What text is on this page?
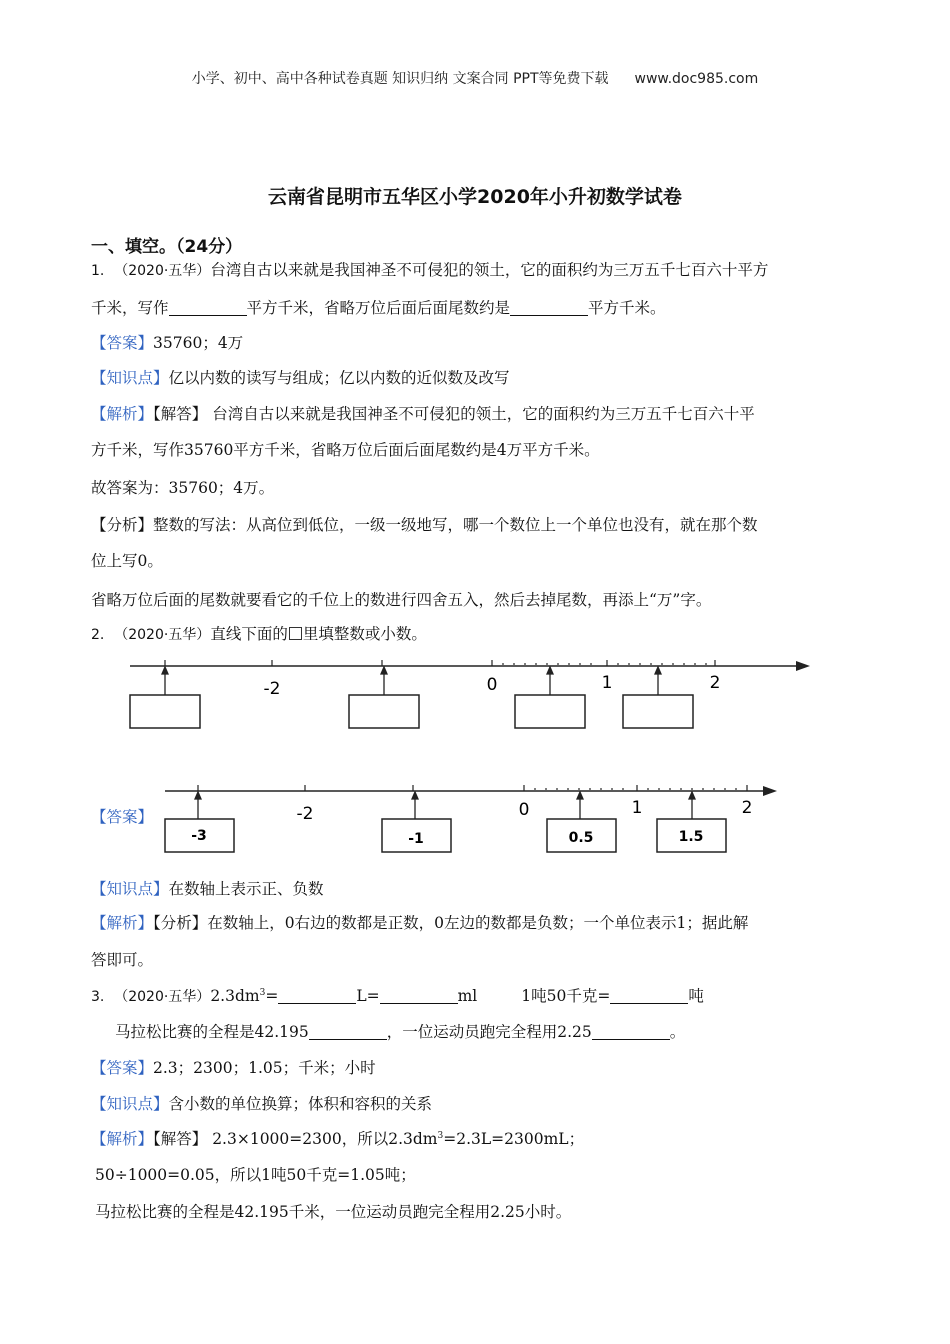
小学、初中、高中各种试卷真题 知识归纳 文案合同 PPT等免费下载 www.doc985.com
云南省昆明市五华区小学2020年小升初数学试卷
一、填空。（24分）
1. （2020·五华）台湾自古以来就是我国神圣不可侵犯的领土，它的面积约为三万五千七百六十平方
千米，写作	平方千米，省略万位后面后面尾数约是	平方千米。
【答案】35760；4万
【知识点】亿以内数的读写与组成；亿以内数的近似数及改写
【解析】【解答】 台湾自古以来就是我国神圣不可侵犯的领土，它的面积约为三万五千七百六十平
方千米，写作35760平方千米，省略万位后面后面尾数约是4万平方千米。
故答案为：35760；4万。
【分析】整数的写法：从高位到低位，一级一级地写，哪一个数位上一个单位也没有，就在那个数
位上写0。
省略万位后面的尾数就要看它的千位上的数进行四舍五入，然后去掉尾数，再添上“万”字。
2. （2020·五华）直线下面的 里填整数或小数。
-2	0	1	2
【答案】	-2	0	1	2
-3	-1	0.5	1.5
【知识点】在数轴上表示正、负数
【解析】【分析】在数轴上，0右边的数都是正数，0左边的数都是负数；一个单位表示1；据此解
答即可。
3. （2020·五华）$2.3dm^3=$	L=	ml	1吨50千克=	吨
马拉松比赛的全程是42.195	，一位运动员跑完全程用2.25	。
【答案】2.3；2300；1.05；千米；小时
【知识点】含小数的单位换算；体积和容积的关系
【解析】【解答】 2.3×1000=2300，所以$2.3dm^3=2.3L=2300mL$；
50÷1000=0.05，所以1吨50千克=1.05吨；
马拉松比赛的全程是42.195千米，一位运动员跑完全程用2.25小时。
